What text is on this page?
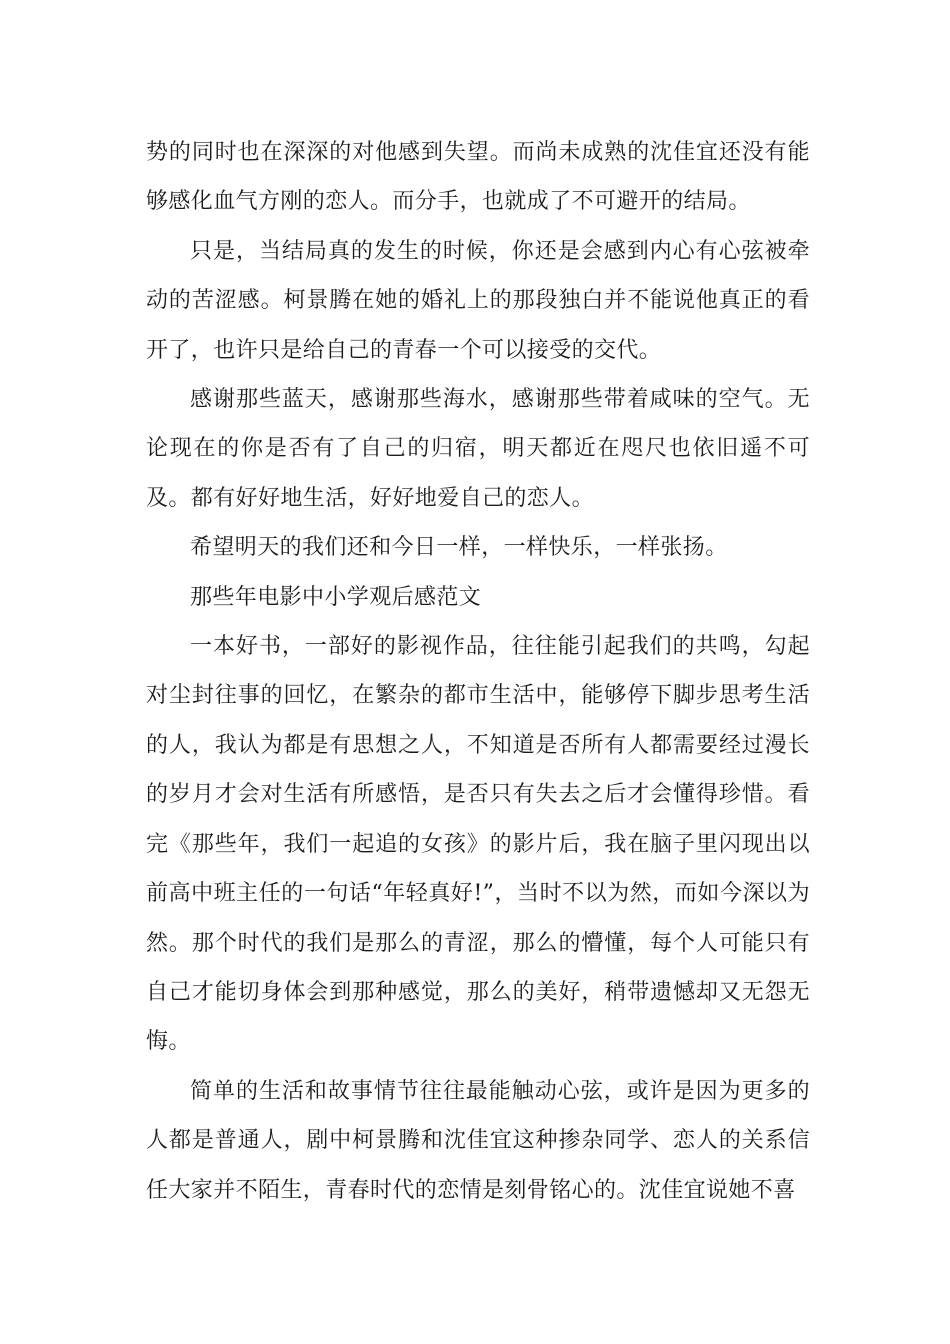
势的同时也在深深的对他感到失望。而尚未成熟的沈佳宜还没有能够感化血气方刚的恋人。而分手，也就成了不可避开的结局。

只是，当结局真的发生的时候，你还是会感到内心有心弦被牵动的苦涩感。柯景腾在她的婚礼上的那段独白并不能说他真正的看开了，也许只是给自己的青春一个可以接受的交代。

感谢那些蓝天，感谢那些海水，感谢那些带着咸味的空气。无论现在的你是否有了自己的归宿，明天都近在咫尺也依旧遥不可及。都有好好地生活，好好地爱自己的恋人。

希望明天的我们还和今日一样，一样快乐，一样张扬。

那些年电影中小学观后感范文

一本好书，一部好的影视作品，往往能引起我们的共鸣，勾起对尘封往事的回忆，在繁杂的都市生活中，能够停下脚步思考生活的人，我认为都是有思想之人，不知道是否所有人都需要经过漫长的岁月才会对生活有所感悟，是否只有失去之后才会懂得珍惜。看完《那些年，我们一起追的女孩》的影片后，我在脑子里闪现出以前高中班主任的一句话“年轻真好!”，当时不以为然，而如今深以为然。那个时代的我们是那么的青涩，那么的懵懂，每个人可能只有自己才能切身体会到那种感觉，那么的美好，稍带遗憾却又无怨无悔。

简单的生活和故事情节往往最能触动心弦，或许是因为更多的人都是普通人，剧中柯景腾和沈佳宜这种掺杂同学、恋人的关系信任大家并不陌生，青春时代的恋情是刻骨铭心的。沈佳宜说她不喜
